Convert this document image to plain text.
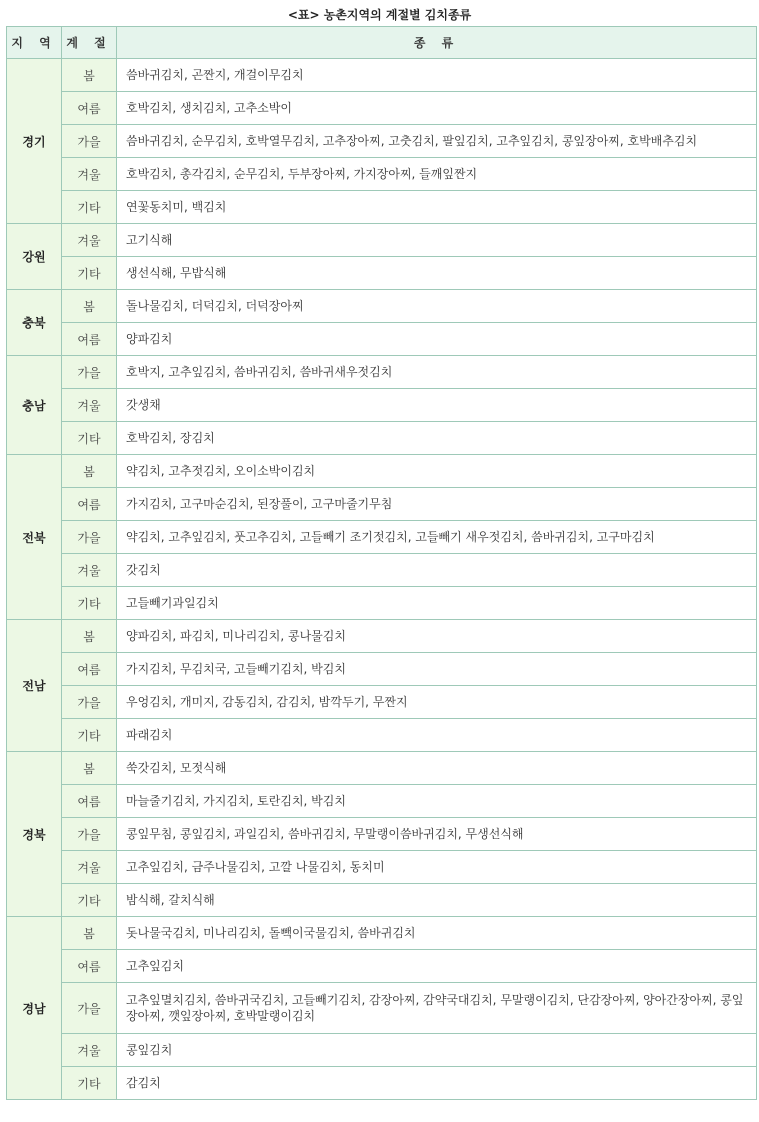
<표> 농촌지역의 계절별 김치종류
지 역	계 절	종 류
경기	봄	씀바귀김치, 곤짠지, 개걸이무김치
	여름	호박김치, 생치김치, 고추소박이
	가을	씀바귀김치, 순무김치, 호박열무김치, 고추장아찌, 고춧김치, 팔잎김치, 고추잎김치, 콩잎장아찌, 호박배추김치
	겨울	호박김치, 총각김치, 순무김치, 두부장아찌, 가지장아찌, 들깨잎짠지
	기타	연꽃동치미, 백김치
강원	겨울	고기식해
	기타	생선식해, 무밥식해
충북	봄	돌나물김치, 더덕김치, 더덕장아찌
	여름	양파김치
충남	가을	호박지, 고추잎김치, 씀바귀김치, 씀바귀새우젓김치
	겨울	갓생채
	기타	호박김치, 장김치
전북	봄	약김치, 고추젓김치, 오이소박이김치
	여름	가지김치, 고구마순김치, 된장풀이, 고구마줄기무침
	가을	약김치, 고추잎김치, 풋고추김치, 고들빼기 조기젓김치, 고들빼기 새우젓김치, 씀바귀김치, 고구마김치
	겨울	갓김치
	기타	고들빼기과일김치
전남	봄	양파김치, 파김치, 미나리김치, 콩나물김치
	여름	가지김치, 무김치국, 고들빼기김치, 박김치
	가을	우엉김치, 개미지, 감동김치, 감김치, 밤깍두기, 무짠지
	기타	파래김치
경북	봄	쑥갓김치, 모젓식해
	여름	마늘줄기김치, 가지김치, 토란김치, 박김치
	가을	콩잎무침, 콩잎김치, 과일김치, 씀바귀김치, 무말랭이씀바귀김치, 무생선식해
	겨울	고추잎김치, 금주나물김치, 고깔 나물김치, 동치미
	기타	밤식해, 갈치식해
경남	봄	돗나물국김치, 미나리김치, 돌빽이국물김치, 씀바귀김치
	여름	고추잎김치
	가을	고추잎멸치김치, 씀바귀국김치, 고들빼기김치, 감장아찌, 감약국대김치, 무말랭이김치, 단감장아찌, 양아간장아찌, 콩잎장아찌, 깻잎장아찌, 호박말랭이김치
	겨울	콩잎김치
	기타	감김치
